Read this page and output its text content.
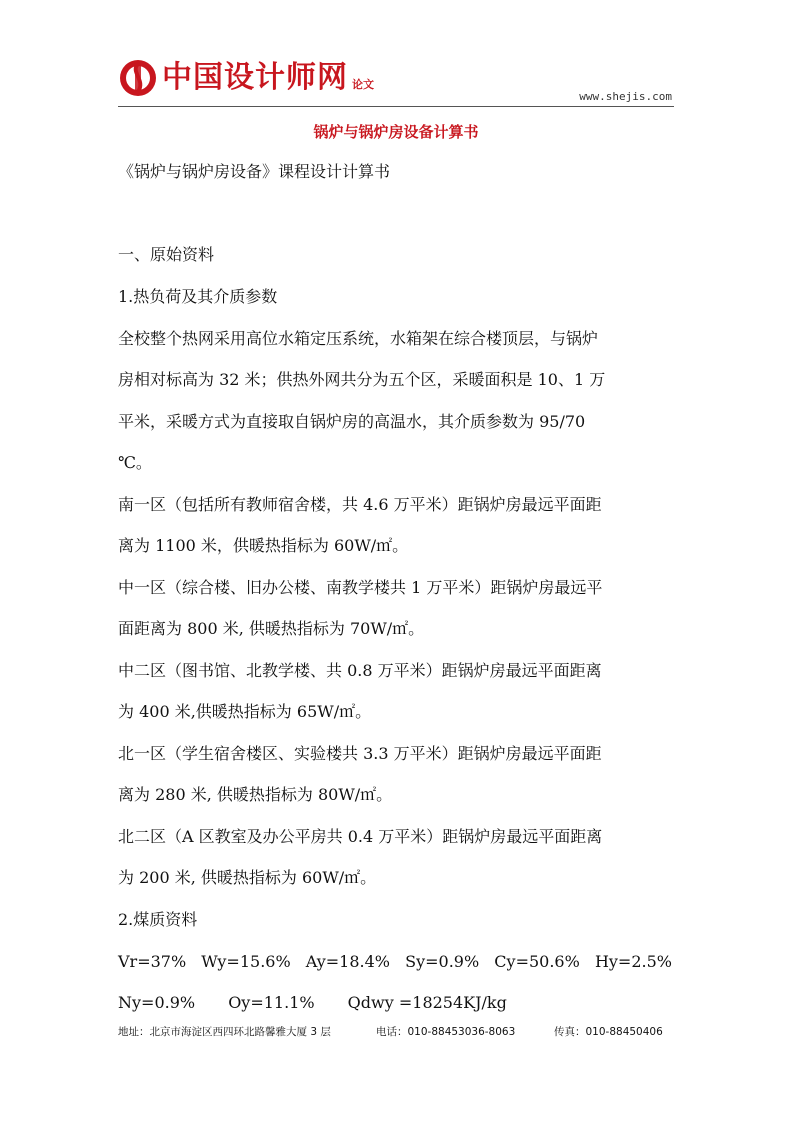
中国设计师网 论文
www.shejis.com
锅炉与锅炉房设备计算书

《锅炉与锅炉房设备》课程设计计算书

一、原始资料

1.热负荷及其介质参数

全校整个热网采用高位水箱定压系统，水箱架在综合楼顶层，与锅炉

房相对标高为 32 米；供热外网共分为五个区，采暖面积是 10、1 万

平米，采暖方式为直接取自锅炉房的高温水，其介质参数为 95/70

℃。

南一区（包括所有教师宿舍楼，共 4.6 万平米）距锅炉房最远平面距

离为 1100 米，供暖热指标为 60W/㎡。

中一区（综合楼、旧办公楼、南教学楼共 1 万平米）距锅炉房最远平

面距离为 800 米, 供暖热指标为 70W/㎡。

中二区（图书馆、北教学楼、共 0.8 万平米）距锅炉房最远平面距离

为 400 米,供暖热指标为 65W/㎡。

北一区（学生宿舍楼区、实验楼共 3.3 万平米）距锅炉房最远平面距

离为 280 米, 供暖热指标为 80W/㎡。

北二区（A 区教室及办公平房共 0.4 万平米）距锅炉房最远平面距离

为 200 米, 供暖热指标为 60W/㎡。

2.煤质资料

Vr=37% Wy=15.6% Ay=18.4% Sy=0.9% Cy=50.6% Hy=2.5%
Ny=0.9% Oy=11.1% Qdwy =18254KJ/kg
地址：北京市海淀区西四环北路馨雅大厦 3 层	电话：010-88453036-8063	传真：010-88450406
